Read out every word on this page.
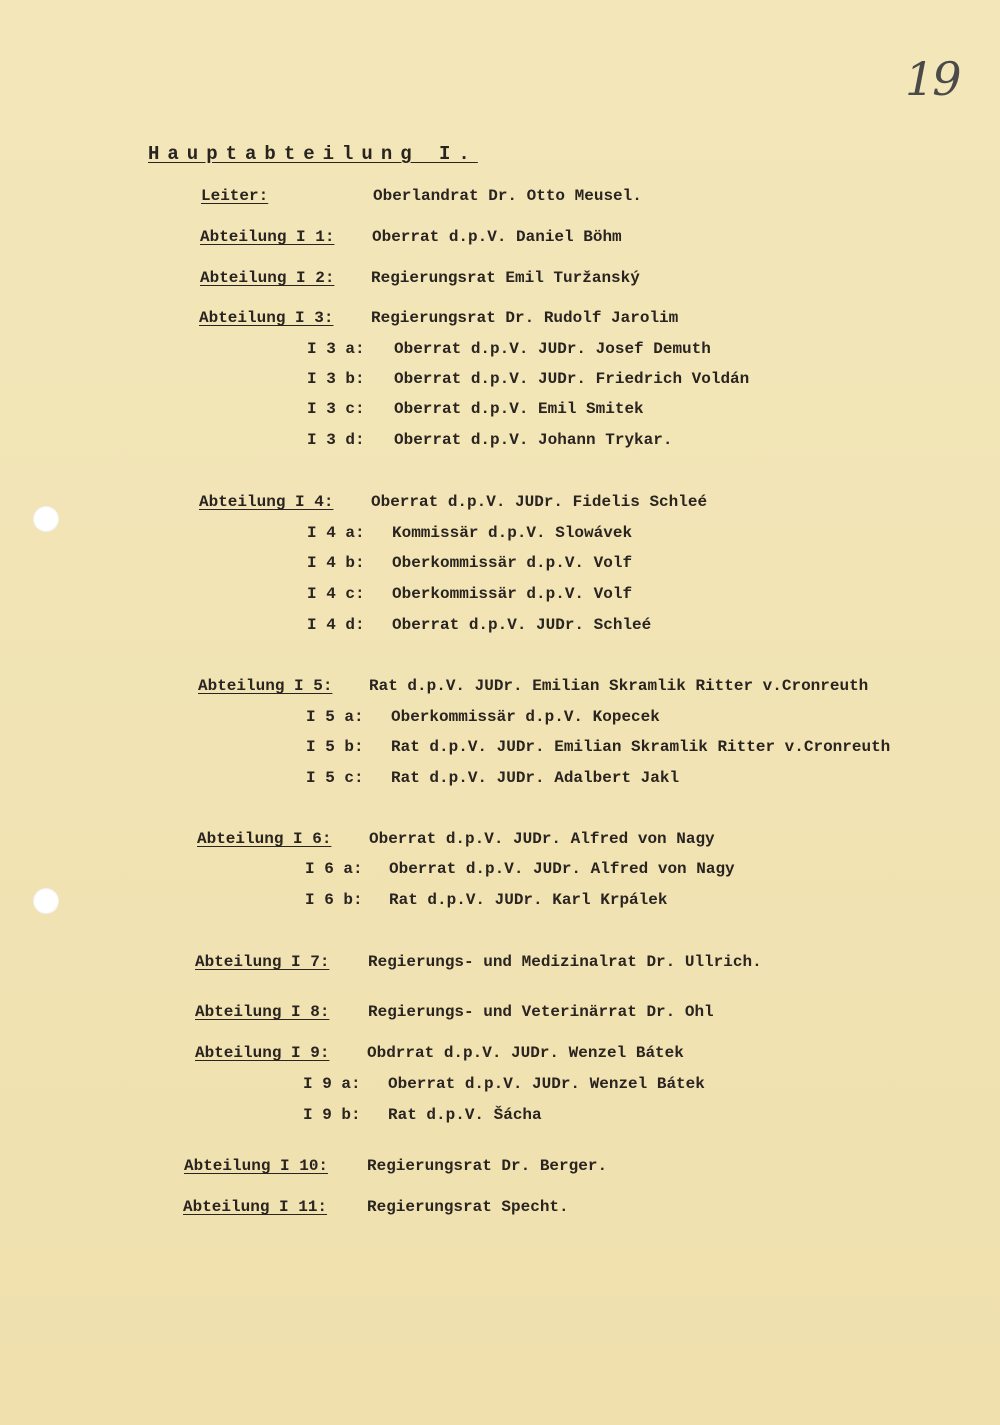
19
Hauptabteilung I.
Leiter:	Oberlandrat Dr. Otto Meusel.
Abteilung I 1: Oberrat d.p.V. Daniel Böhm
Abteilung I 2: Regierungsrat Emil Turžanský
Abteilung I 3: Regierungsrat Dr. Rudolf Jarolim
I 3 a: Oberrat d.p.V. JUDr. Josef Demuth
I 3 b: Oberrat d.p.V. JUDr. Friedrich Voldán
I 3 c: Oberrat d.p.V. Emil Smitek
I 3 d: Oberrat d.p.V. Johann Trykar.
Abteilung I 4: Oberrat d.p.V. JUDr. Fidelis Schleé
I 4 a: Kommissär d.p.V. Slowávek
I 4 b: Oberkommissär d.p.V. Volf
I 4 c: Oberkommissär d.p.V. Volf
I 4 d: Oberrat d.p.V. JUDr. Schleé
Abteilung I 5: Rat d.p.V. JUDr. Emilian Skramlik Ritter v.Cronreuth
I 5 a: Oberkommissär d.p.V. Kopecek
I 5 b: Rat d.p.V. JUDr. Emilian Skramlik Ritter v.Cronreuth
I 5 c: Rat d.p.V. JUDr. Adalbert Jakl
Abteilung I 6: Oberrat d.p.V. JUDr. Alfred von Nagy
I 6 a: Oberrat d.p.V. JUDr. Alfred von Nagy
I 6 b: Rat d.p.V. JUDr. Karl Krpálek
Abteilung I 7: Regierungs- und Medizinalrat Dr. Ullrich.
Abteilung I 8: Regierungs- und Veterinärrat Dr. Ohl
Abteilung I 9: Obdrrat d.p.V. JUDr. Wenzel Bátek
I 9 a: Oberrat d.p.V. JUDr. Wenzel Bátek
I 9 b: Rat d.p.V. Šácha
Abteilung I 10: Regierungsrat Dr. Berger.
Abteilung I 11: Regierungsrat Specht.
